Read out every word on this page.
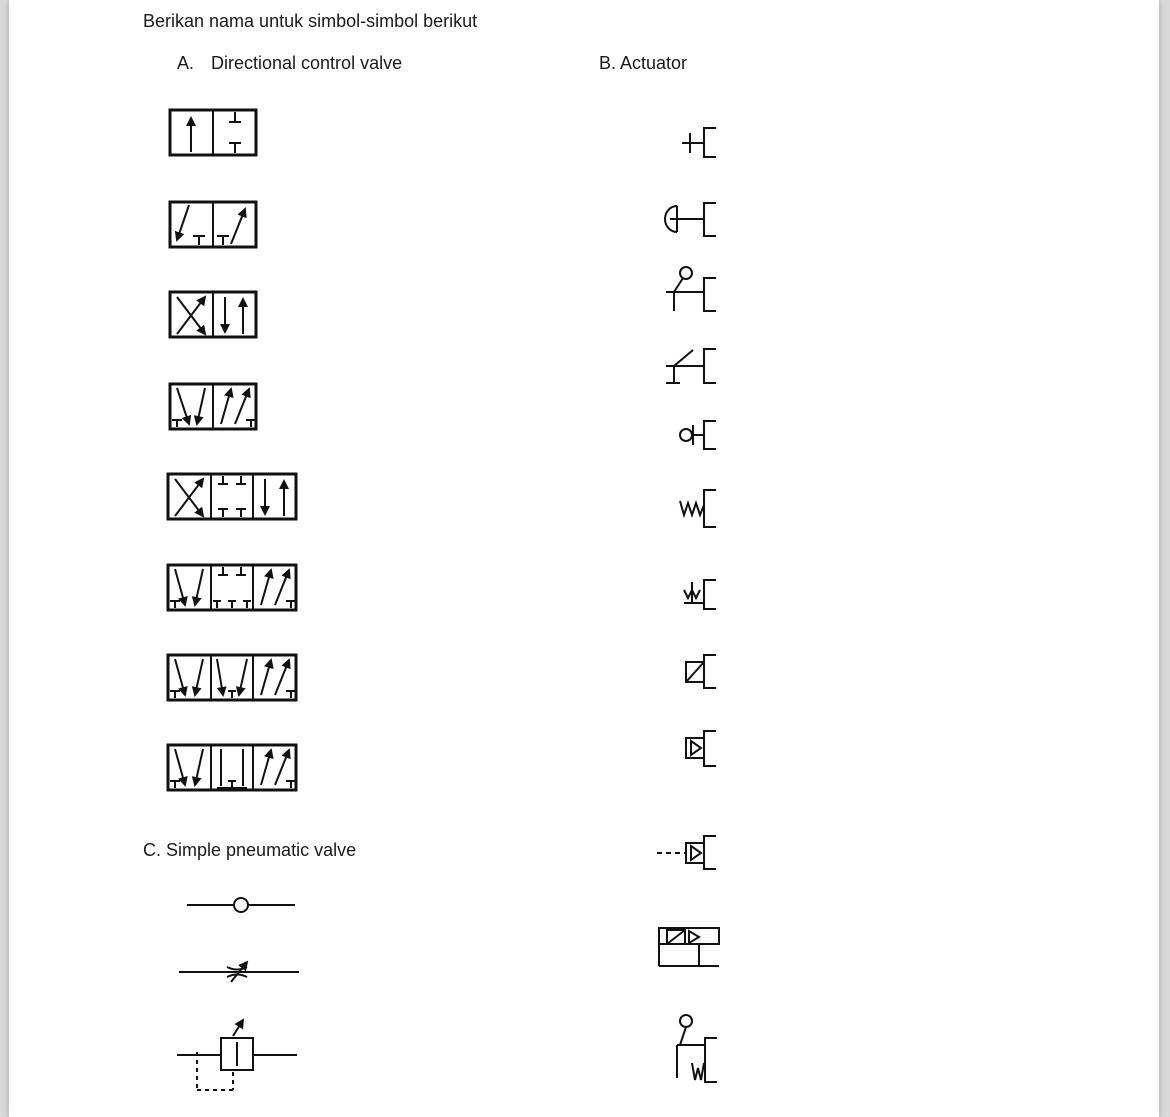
Berikan nama untuk simbol-simbol berikut
A. Directional control valve	B. Actuator
C. Simple pneumatic valve
